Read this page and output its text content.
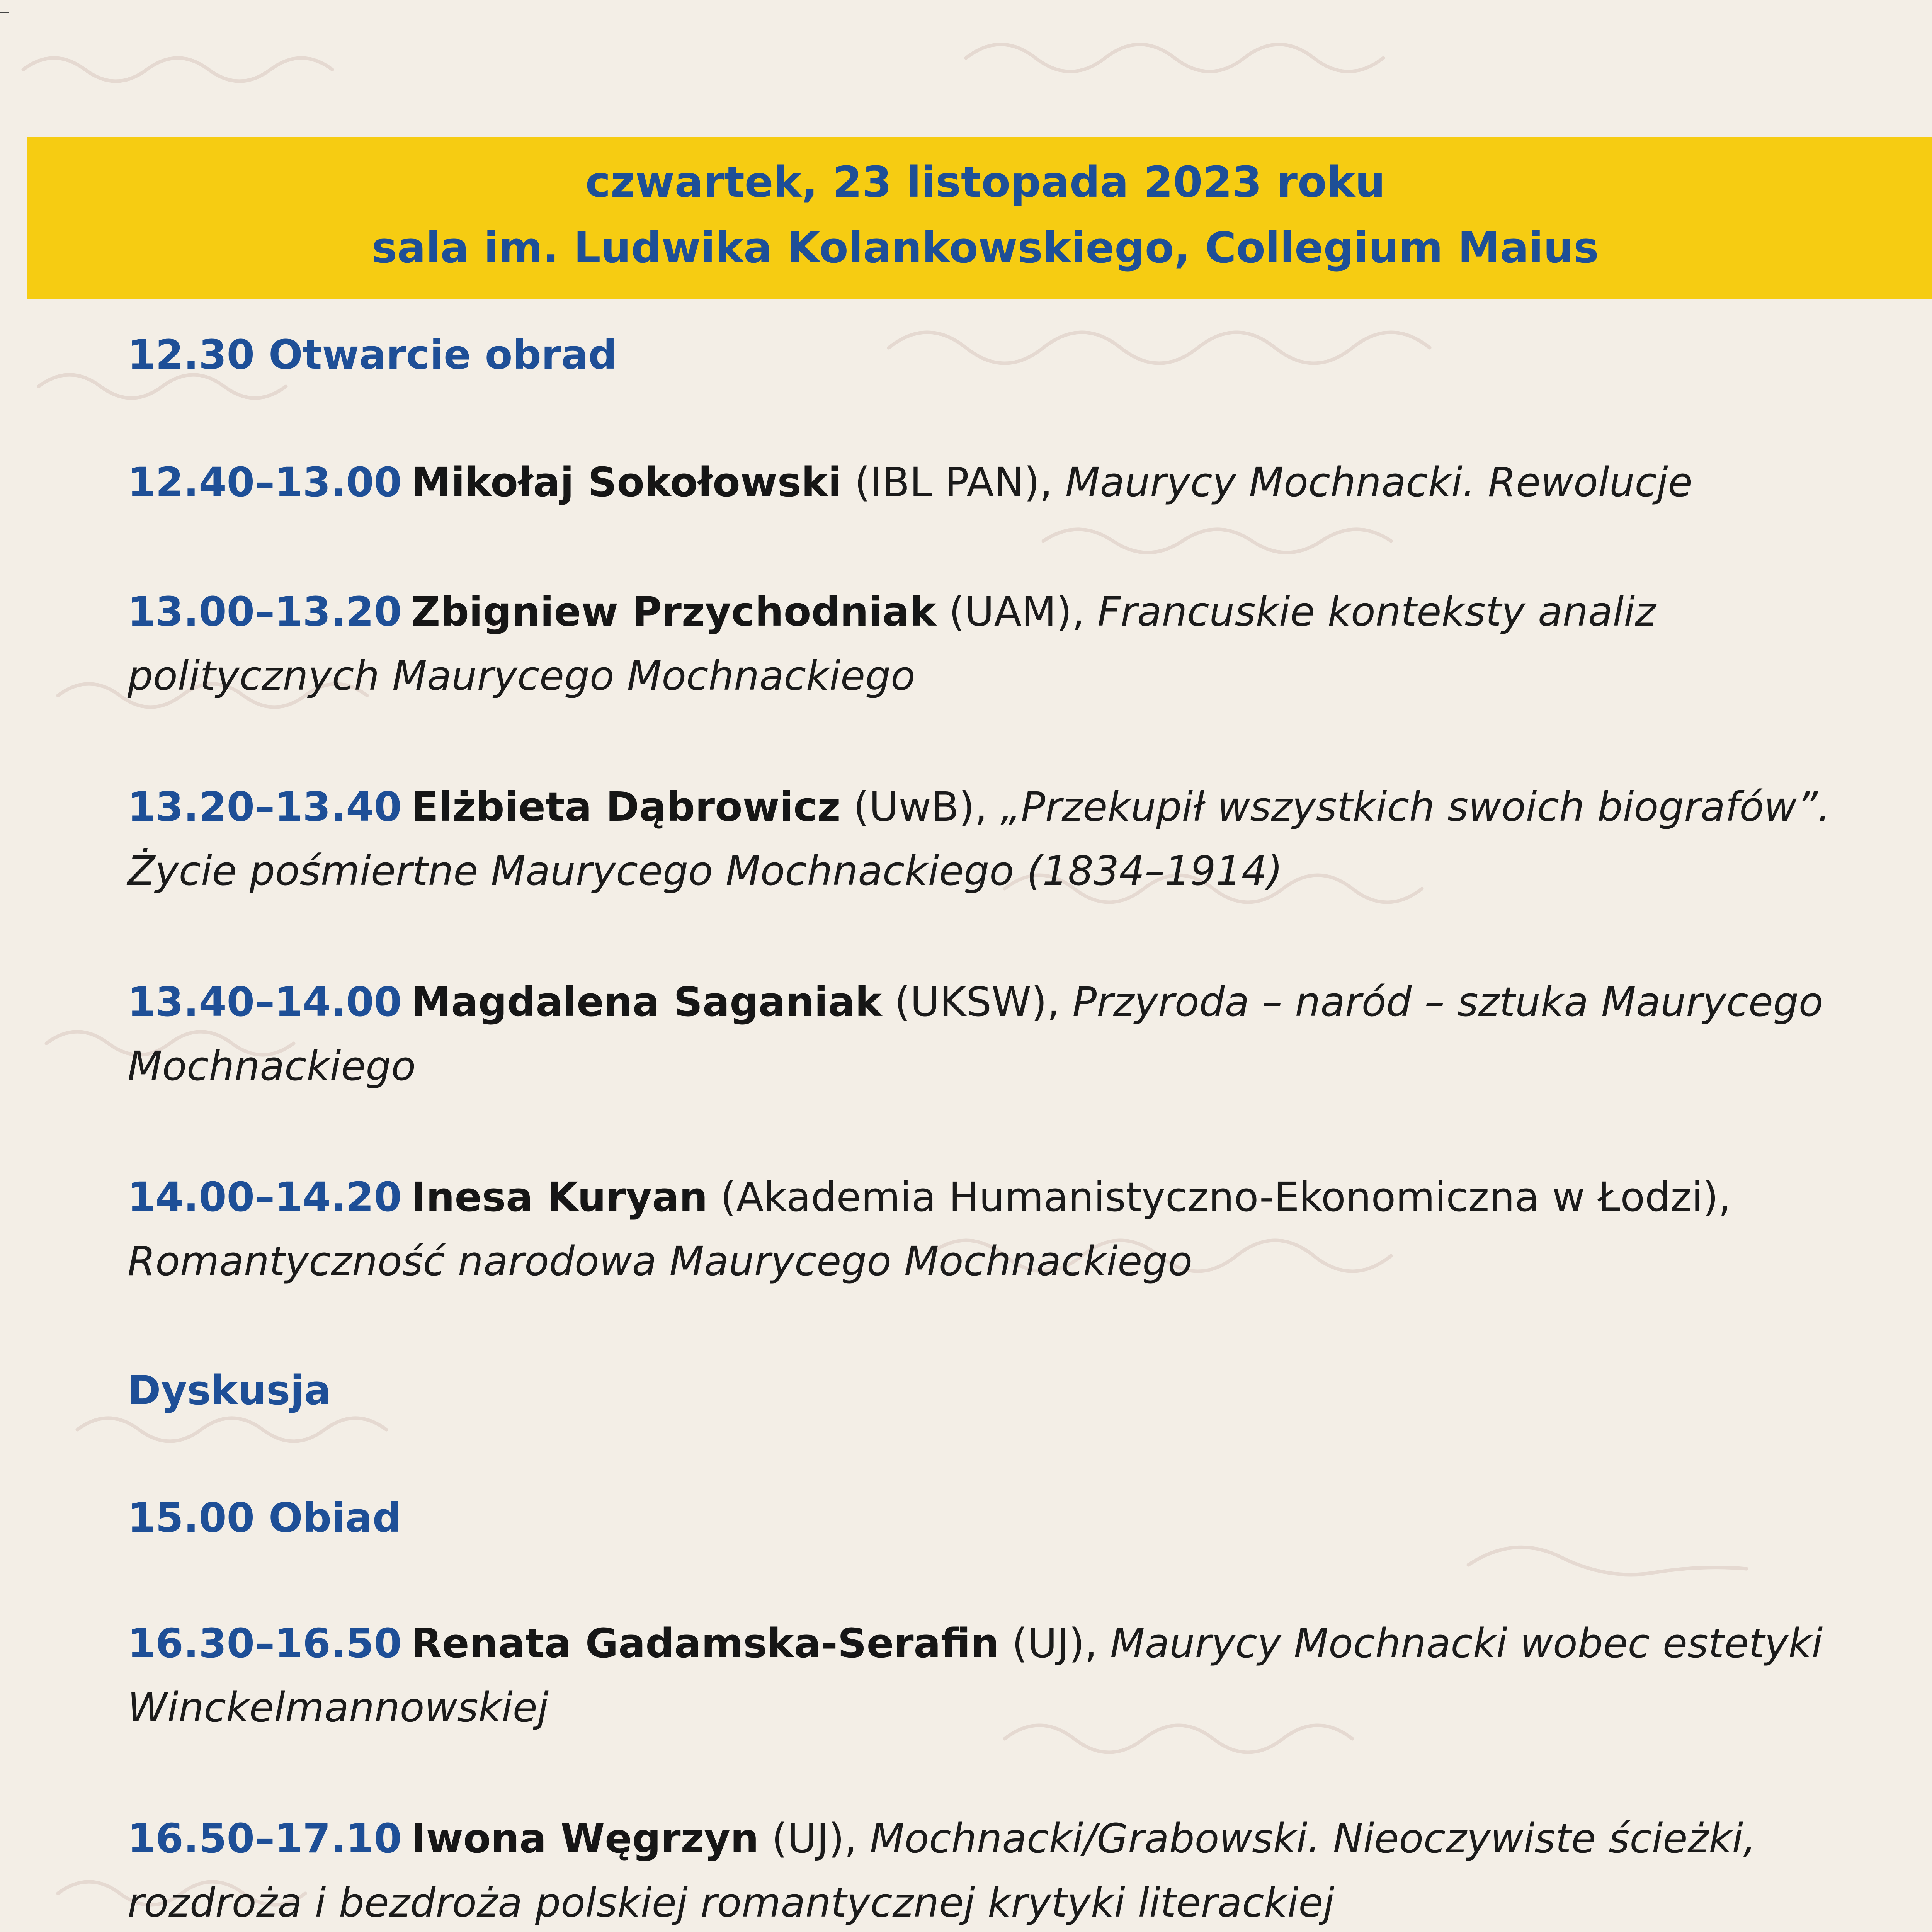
czwartek, 23 listopada 2023 roku
sala im. Ludwika Kolankowskiego, Collegium Maius
12.30 Otwarcie obrad
12.40–13.00 Mikołaj Sokołowski (IBL PAN), Maurycy Mochnacki. Rewolucje
13.00–13.20 Zbigniew Przychodniak (UAM), Francuskie konteksty analiz politycznych Maurycego Mochnackiego
13.20–13.40 Elżbieta Dąbrowicz (UwB), „Przekupił wszystkich swoich biografów”. Życie pośmiertne Maurycego Mochnackiego (1834–1914)
13.40–14.00 Magdalena Saganiak (UKSW), Przyroda – naród – sztuka Maurycego Mochnackiego
14.00–14.20 Inesa Kuryan (Akademia Humanistyczno-Ekonomiczna w Łodzi), Romantyczność narodowa Maurycego Mochnackiego
Dyskusja
15.00 Obiad
16.30–16.50 Renata Gadamska-Serafin (UJ), Maurycy Mochnacki wobec estetyki Winckelmannowskiej
16.50–17.10 Iwona Węgrzyn (UJ), Mochnacki/Grabowski. Nieoczywiste ścieżki, rozdroża i bezdroża polskiej romantycznej krytyki literackiej
